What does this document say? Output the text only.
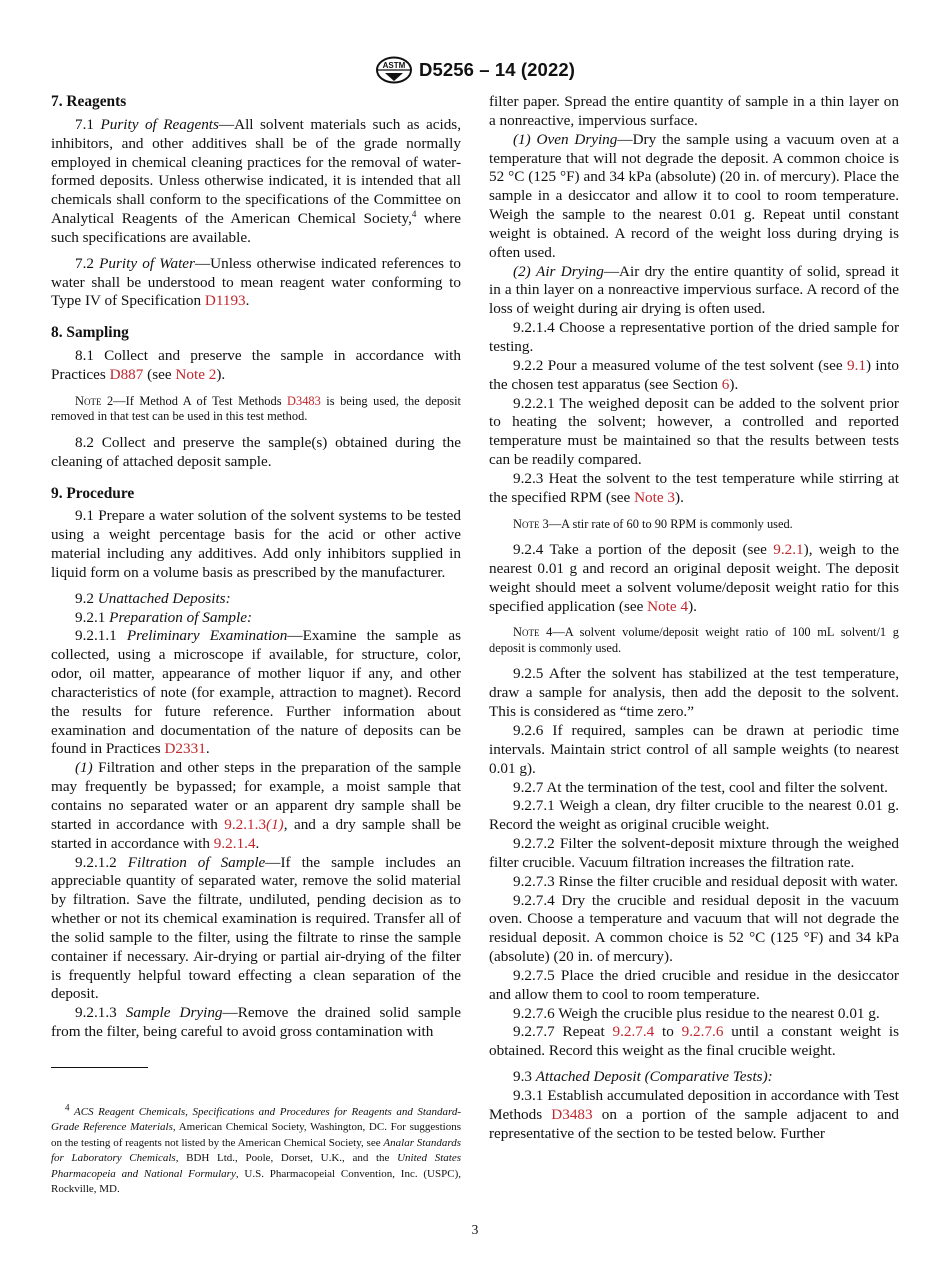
ASTM D5256 – 14 (2022)

7. Reagents

7.1 Purity of Reagents—All solvent materials such as acids, inhibitors, and other additives shall be of the grade normally employed in chemical cleaning practices for the removal of water-formed deposits. Unless otherwise indicated, it is intended that all chemicals shall conform to the specifications of the Committee on Analytical Reagents of the American Chemical Society,$^4$ where such specifications are available.

7.2 Purity of Water—Unless otherwise indicated references to water shall be understood to mean reagent water conforming to Type IV of Specification D1193.

8. Sampling

8.1 Collect and preserve the sample in accordance with Practices D887 (see Note 2).

Note 2—If Method A of Test Methods D3483 is being used, the deposit removed in that test can be used in this test method.

8.2 Collect and preserve the sample(s) obtained during the cleaning of attached deposit sample.

9. Procedure

9.1 Prepare a water solution of the solvent systems to be tested using a weight percentage basis for the acid or other active material including any additives. Add only inhibitors supplied in liquid form on a volume basis as prescribed by the manufacturer.

9.2 Unattached Deposits:

9.2.1 Preparation of Sample:

9.2.1.1 Preliminary Examination—Examine the sample as collected, using a microscope if available, for structure, color, odor, oil matter, appearance of mother liquor if any, and other characteristics of note (for example, attraction to magnet). Record the results for future reference. Further information about examination and documentation of the nature of deposits can be found in Practices D2331.

(1) Filtration and other steps in the preparation of the sample may frequently be bypassed; for example, a moist sample that contains no separated water or an apparent dry sample shall be started in accordance with 9.2.1.3(1), and a dry sample shall be started in accordance with 9.2.1.4.

9.2.1.2 Filtration of Sample—If the sample includes an appreciable quantity of separated water, remove the solid material by filtration. Save the filtrate, undiluted, pending decision as to whether or not its chemical examination is required. Transfer all of the solid sample to the filter, using the filtrate to rinse the sample container if necessary. Air-drying or partial air-drying of the filter is frequently helpful toward effecting a clean separation of the deposit.

9.2.1.3 Sample Drying—Remove the drained solid sample from the filter, being careful to avoid gross contamination with

filter paper. Spread the entire quantity of sample in a thin layer on a nonreactive, impervious surface.

(1) Oven Drying—Dry the sample using a vacuum oven at a temperature that will not degrade the deposit. A common choice is 52 °C (125 °F) and 34 kPa (absolute) (20 in. of mercury). Place the sample in a desiccator and allow it to cool to room temperature. Weigh the sample to the nearest 0.01 g. Repeat until constant weight is obtained. A record of the weight loss during drying is often used.

(2) Air Drying—Air dry the entire quantity of solid, spread it in a thin layer on a nonreactive impervious surface. A record of the loss of weight during air drying is often used.

9.2.1.4 Choose a representative portion of the dried sample for testing.

9.2.2 Pour a measured volume of the test solvent (see 9.1) into the chosen test apparatus (see Section 6).

9.2.2.1 The weighed deposit can be added to the solvent prior to heating the solvent; however, a controlled and reported temperature must be maintained so that the results between tests can be readily compared.

9.2.3 Heat the solvent to the test temperature while stirring at the specified RPM (see Note 3).

Note 3—A stir rate of 60 to 90 RPM is commonly used.

9.2.4 Take a portion of the deposit (see 9.2.1), weigh to the nearest 0.01 g and record an original deposit weight. The deposit weight should meet a solvent volume/deposit weight ratio for this specified application (see Note 4).

Note 4—A solvent volume/deposit weight ratio of 100 mL solvent/1 g deposit is commonly used.

9.2.5 After the solvent has stabilized at the test temperature, draw a sample for analysis, then add the deposit to the solvent. This is considered as “time zero.”

9.2.6 If required, samples can be drawn at periodic time intervals. Maintain strict control of all sample weights (to nearest 0.01 g).

9.2.7 At the termination of the test, cool and filter the solvent.

9.2.7.1 Weigh a clean, dry filter crucible to the nearest 0.01 g. Record the weight as original crucible weight.

9.2.7.2 Filter the solvent-deposit mixture through the weighed filter crucible. Vacuum filtration increases the filtration rate.

9.2.7.3 Rinse the filter crucible and residual deposit with water.

9.2.7.4 Dry the crucible and residual deposit in the vacuum oven. Choose a temperature and vacuum that will not degrade the residual deposit. A common choice is 52 °C (125 °F) and 34 kPa (absolute) (20 in. of mercury).

9.2.7.5 Place the dried crucible and residue in the desiccator and allow them to cool to room temperature.

9.2.7.6 Weigh the crucible plus residue to the nearest 0.01 g.

9.2.7.7 Repeat 9.2.7.4 to 9.2.7.6 until a constant weight is obtained. Record this weight as the final crucible weight.

9.3 Attached Deposit (Comparative Tests):

9.3.1 Establish accumulated deposition in accordance with Test Methods D3483 on a portion of the sample adjacent to and representative of the section to be tested below. Further

$^4$ ACS Reagent Chemicals, Specifications and Procedures for Reagents and Standard-Grade Reference Materials, American Chemical Society, Washington, DC. For suggestions on the testing of reagents not listed by the American Chemical Society, see Analar Standards for Laboratory Chemicals, BDH Ltd., Poole, Dorset, U.K., and the United States Pharmacopeia and National Formulary, U.S. Pharmacopeial Convention, Inc. (USPC), Rockville, MD.

3
